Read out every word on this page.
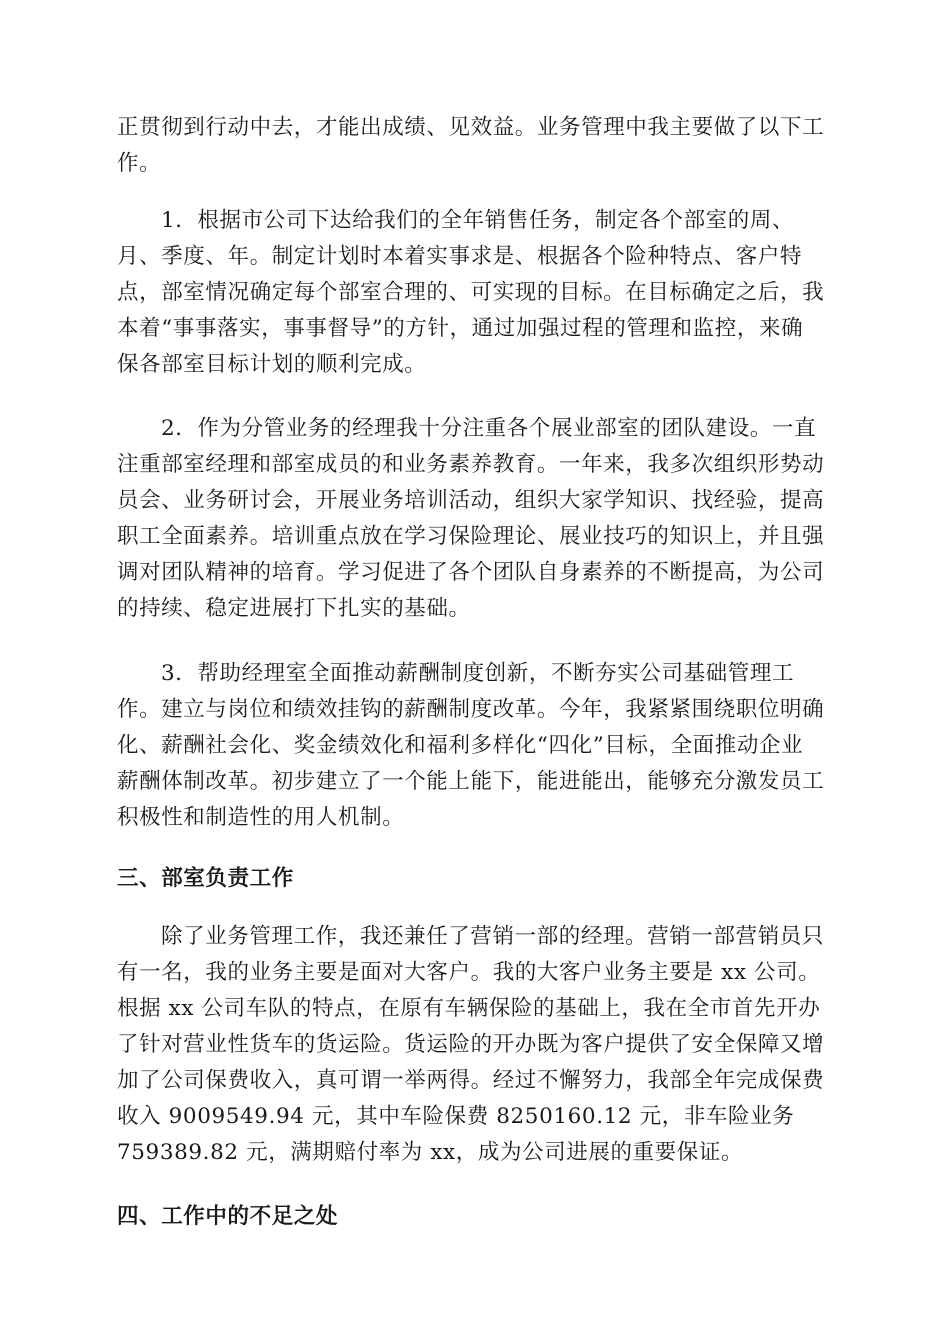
正贯彻到行动中去，才能出成绩、见效益。业务管理中我主要做了以下工
作。
1．根据市公司下达给我们的全年销售任务，制定各个部室的周、
月、季度、年。制定计划时本着实事求是、根据各个险种特点、客户特
点，部室情况确定每个部室合理的、可实现的目标。在目标确定之后，我
本着“事事落实，事事督导”的方针，通过加强过程的管理和监控，来确
保各部室目标计划的顺利完成。
2．作为分管业务的经理我十分注重各个展业部室的团队建设。一直
注重部室经理和部室成员的和业务素养教育。一年来，我多次组织形势动
员会、业务研讨会，开展业务培训活动，组织大家学知识、找经验，提高
职工全面素养。培训重点放在学习保险理论、展业技巧的知识上，并且强
调对团队精神的培育。学习促进了各个团队自身素养的不断提高，为公司
的持续、稳定进展打下扎实的基础。
3．帮助经理室全面推动薪酬制度创新，不断夯实公司基础管理工
作。建立与岗位和绩效挂钩的薪酬制度改革。今年，我紧紧围绕职位明确
化、薪酬社会化、奖金绩效化和福利多样化“四化”目标，全面推动企业
薪酬体制改革。初步建立了一个能上能下，能进能出，能够充分激发员工
积极性和制造性的用人机制。
三、部室负责工作
除了业务管理工作，我还兼任了营销一部的经理。营销一部营销员只
有一名，我的业务主要是面对大客户。我的大客户业务主要是 xx 公司。
根据 xx 公司车队的特点，在原有车辆保险的基础上，我在全市首先开办
了针对营业性货车的货运险。货运险的开办既为客户提供了安全保障又增
加了公司保费收入，真可谓一举两得。经过不懈努力，我部全年完成保费
收入 9009549.94 元，其中车险保费 8250160.12 元，非车险业务
759389.82 元，满期赔付率为 xx，成为公司进展的重要保证。
四、工作中的不足之处
